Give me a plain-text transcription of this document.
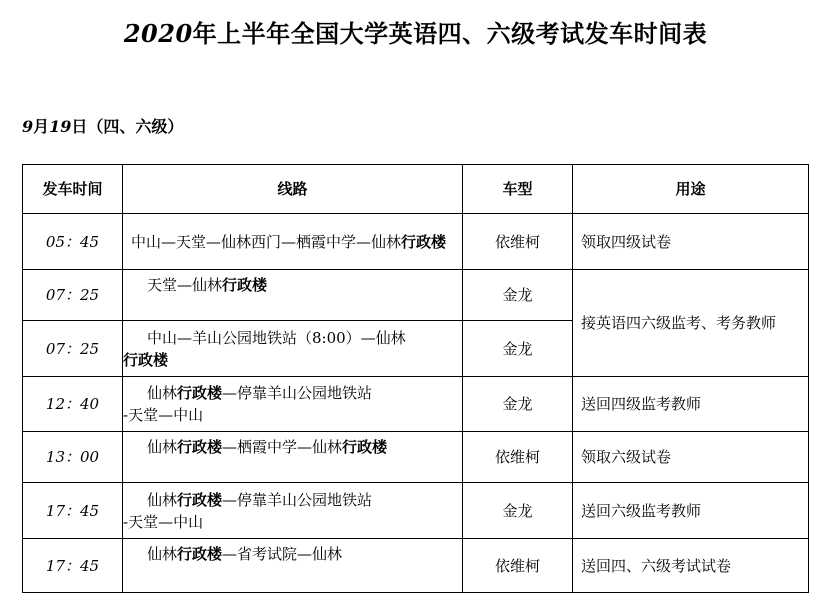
2020年上半年全国大学英语四、六级考试发车时间表
9月19日（四、六级）
发车时间	线路	车型	用途
05：45	中山—天堂—仙林西门—栖霞中学—仙林行政楼	依维柯	领取四级试卷
07：25	天堂—仙林行政楼	金龙	接英语四六级监考、考务教师
07：25	中山—羊山公园地铁站（8:00）—仙林
行政楼	金龙	
12：40	仙林行政楼—停靠羊山公园地铁站
-天堂—中山	金龙	送回四级监考教师
13：00	仙林行政楼—栖霞中学—仙林行政楼	依维柯	领取六级试卷
17：45	仙林行政楼—停靠羊山公园地铁站
-天堂—中山	金龙	送回六级监考教师
17：45	仙林行政楼—省考试院—仙林	依维柯	送回四、六级考试试卷
